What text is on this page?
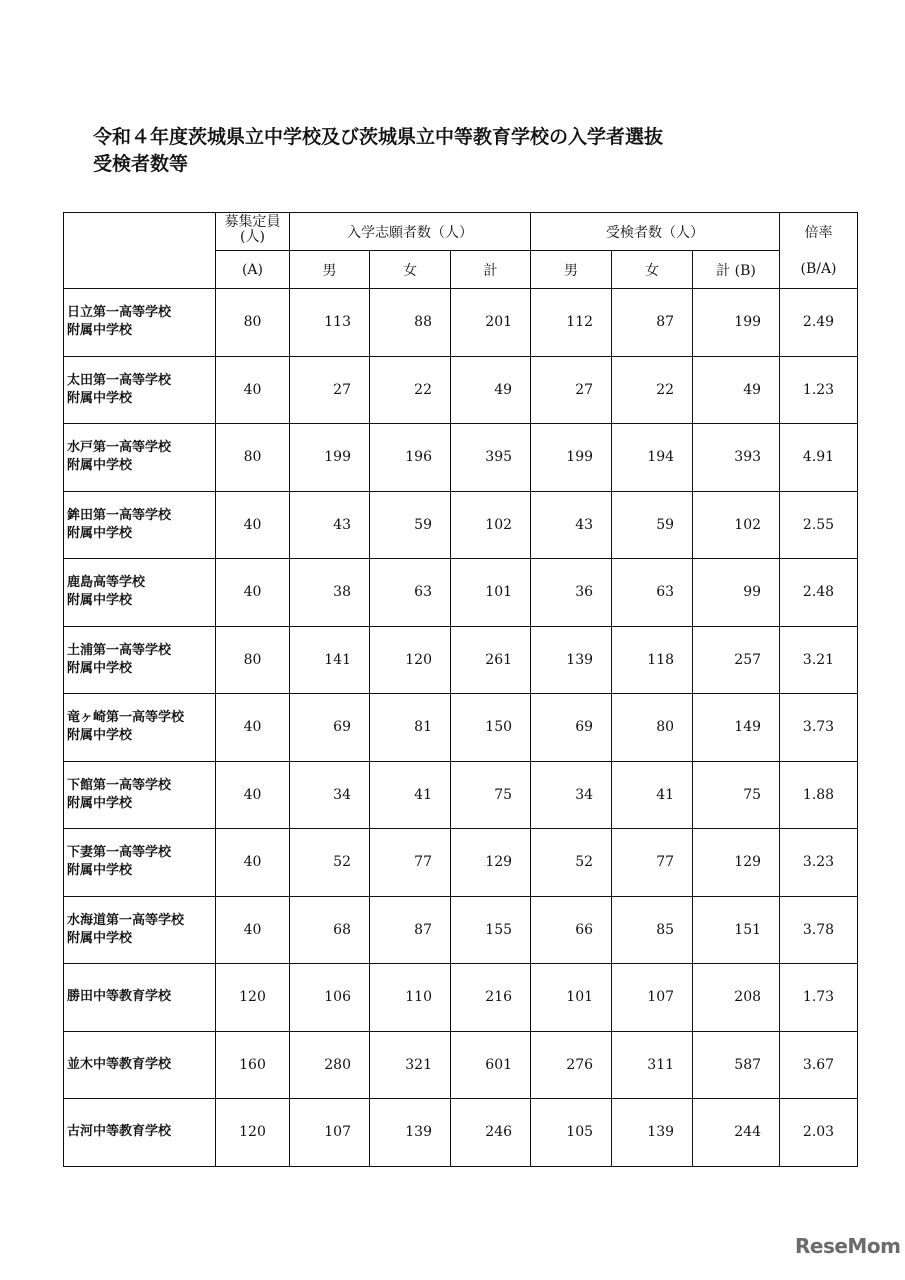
令和４年度茨城県立中学校及び茨城県立中等教育学校の入学者選抜
受検者数等

	募集定員
(人)	入学志願者数（人）			受検者数（人）			倍率
	(A)	男	女	計	男	女	計 (B)	(B/A)

日立第一高等学校
附属中学校	80	113	88	201	112	87	199	2.49

太田第一高等学校
附属中学校	40	27	22	49	27	22	49	1.23

水戸第一高等学校
附属中学校	80	199	196	395	199	194	393	4.91

鉾田第一高等学校
附属中学校	40	43	59	102	43	59	102	2.55

鹿島高等学校
附属中学校	40	38	63	101	36	63	99	2.48

土浦第一高等学校
附属中学校	80	141	120	261	139	118	257	3.21

竜ヶ崎第一高等学校
附属中学校	40	69	81	150	69	80	149	3.73

下館第一高等学校
附属中学校	40	34	41	75	34	41	75	1.88

下妻第一高等学校
附属中学校	40	52	77	129	52	77	129	3.23

水海道第一高等学校
附属中学校	40	68	87	155	66	85	151	3.78

勝田中等教育学校	120	106	110	216	101	107	208	1.73

並木中等教育学校	160	280	321	601	276	311	587	3.67

古河中等教育学校	120	107	139	246	105	139	244	2.03
ReseMom
